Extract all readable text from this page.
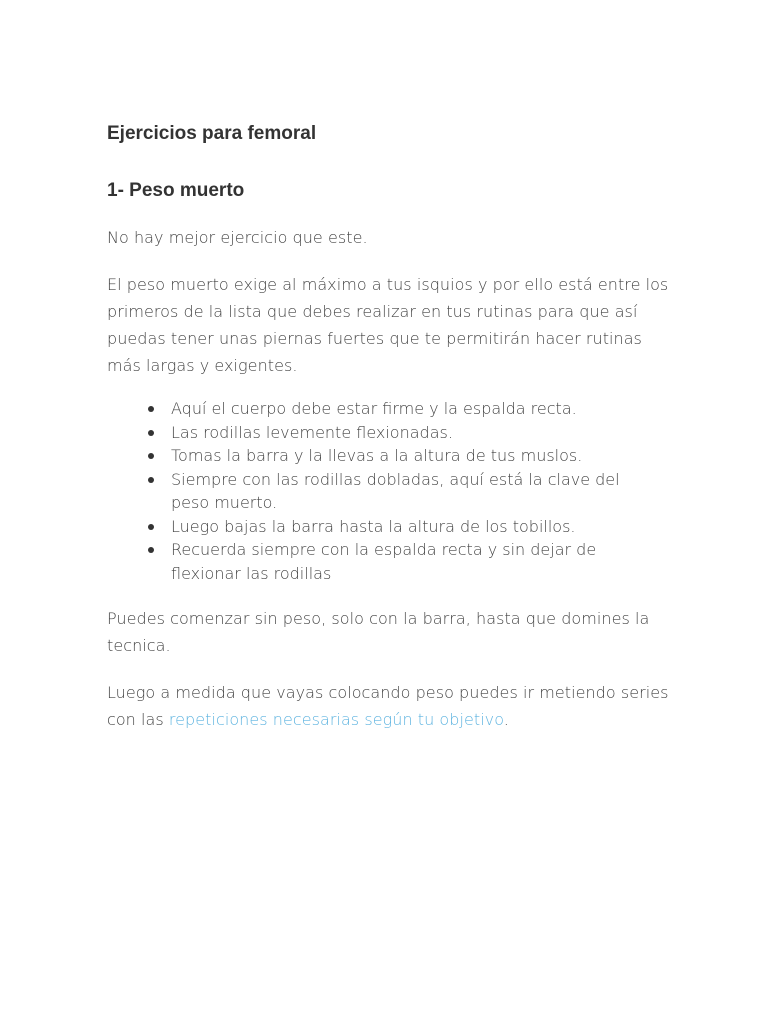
Ejercicios para femoral
1- Peso muerto

No hay mejor ejercicio que este.

El peso muerto exige al máximo a tus isquios y por ello está entre los primeros de la lista que debes realizar en tus rutinas para que así puedas tener unas piernas fuertes que te permitirán hacer rutinas más largas y exigentes.

Aquí el cuerpo debe estar firme y la espalda recta.
Las rodillas levemente flexionadas.
Tomas la barra y la llevas a la altura de tus muslos.
Siempre con las rodillas dobladas, aquí está la clave del peso muerto.
Luego bajas la barra hasta la altura de los tobillos.
Recuerda siempre con la espalda recta y sin dejar de flexionar las rodillas

Puedes comenzar sin peso, solo con la barra, hasta que domines la tecnica.

Luego a medida que vayas colocando peso puedes ir metiendo series con las repeticiones necesarias según tu objetivo.
